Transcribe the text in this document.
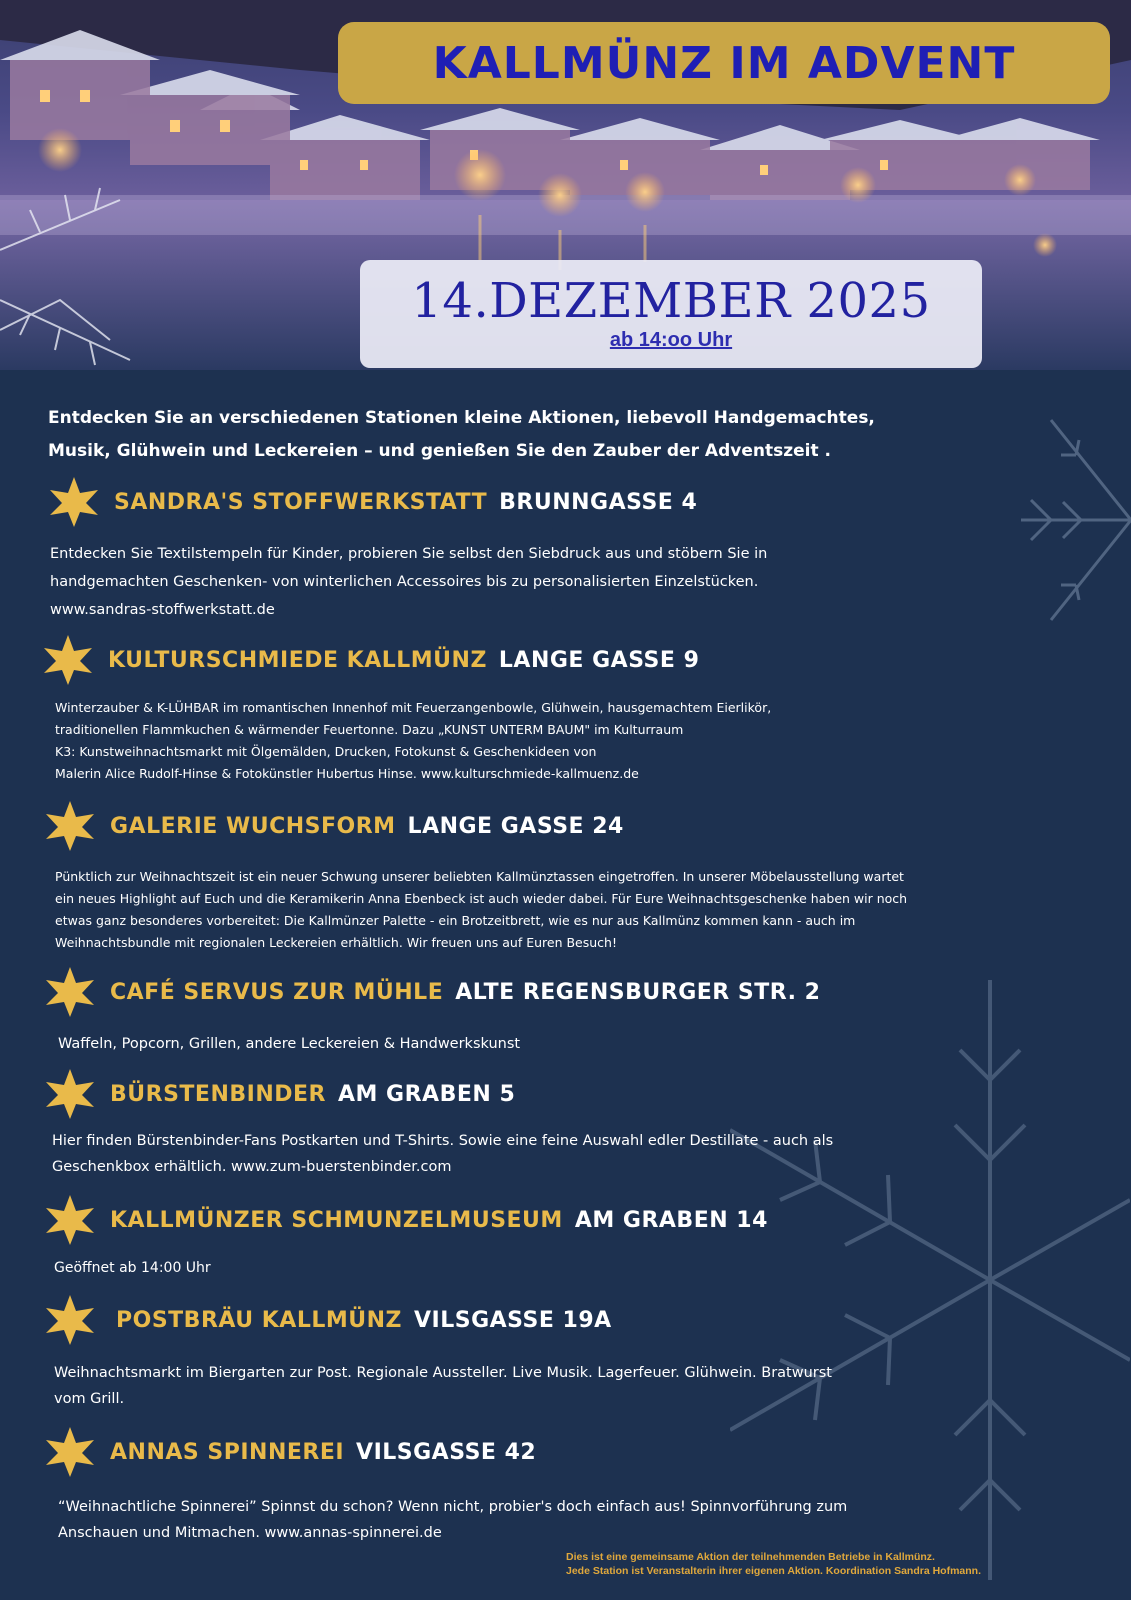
KALLMÜNZ IM ADVENT
14.DEZEMBER 2025
ab 14:oo Uhr
Entdecken Sie an verschiedenen Stationen kleine Aktionen, liebevoll Handgemachtes,
Musik, Glühwein und Leckereien – und genießen Sie den Zauber der Adventszeit .
SANDRA'S STOFFWERKSTATT BRUNNGASSE 4
Entdecken Sie Textilstempeln für Kinder, probieren Sie selbst den Siebdruck aus und stöbern Sie in
handgemachten Geschenken- von winterlichen Accessoires bis zu personalisierten Einzelstücken.
www.sandras-stoffwerkstatt.de
KULTURSCHMIEDE KALLMÜNZ LANGE GASSE 9
Winterzauber & K-LÜHBAR im romantischen Innenhof mit Feuerzangenbowle, Glühwein, hausgemachtem Eierlikör,
traditionellen Flammkuchen & wärmender Feuertonne. Dazu „KUNST UNTERM BAUM" im Kulturraum
K3: Kunstweihnachtsmarkt mit Ölgemälden, Drucken, Fotokunst & Geschenkideen von
Malerin Alice Rudolf-Hinse & Fotokünstler Hubertus Hinse. www.kulturschmiede-kallmuenz.de
GALERIE WUCHSFORM LANGE GASSE 24
Pünktlich zur Weihnachtszeit ist ein neuer Schwung unserer beliebten Kallmünztassen eingetroffen. In unserer Möbelausstellung wartet
ein neues Highlight auf Euch und die Keramikerin Anna Ebenbeck ist auch wieder dabei. Für Eure Weihnachtsgeschenke haben wir noch
etwas ganz besonderes vorbereitet: Die Kallmünzer Palette - ein Brotzeitbrett, wie es nur aus Kallmünz kommen kann - auch im
Weihnachtsbundle mit regionalen Leckereien erhältlich. Wir freuen uns auf Euren Besuch!
CAFÉ SERVUS ZUR MÜHLE ALTE REGENSBURGER STR. 2
Waffeln, Popcorn, Grillen, andere Leckereien & Handwerkskunst
BÜRSTENBINDER AM GRABEN 5
Hier finden Bürstenbinder-Fans Postkarten und T-Shirts. Sowie eine feine Auswahl edler Destillate - auch als
Geschenkbox erhältlich. www.zum-buerstenbinder.com
KALLMÜNZER SCHMUNZELMUSEUM AM GRABEN 14
Geöffnet ab 14:00 Uhr
POSTBRÄU KALLMÜNZ VILSGASSE 19A
Weihnachtsmarkt im Biergarten zur Post. Regionale Aussteller. Live Musik. Lagerfeuer. Glühwein. Bratwurst
vom Grill.
ANNAS SPINNEREI VILSGASSE 42
“Weihnachtliche Spinnerei” Spinnst du schon? Wenn nicht, probier's doch einfach aus! Spinnvorführung zum
Anschauen und Mitmachen. www.annas-spinnerei.de
Dies ist eine gemeinsame Aktion der teilnehmenden Betriebe in Kallmünz.
Jede Station ist Veranstalterin ihrer eigenen Aktion. Koordination Sandra Hofmann.
